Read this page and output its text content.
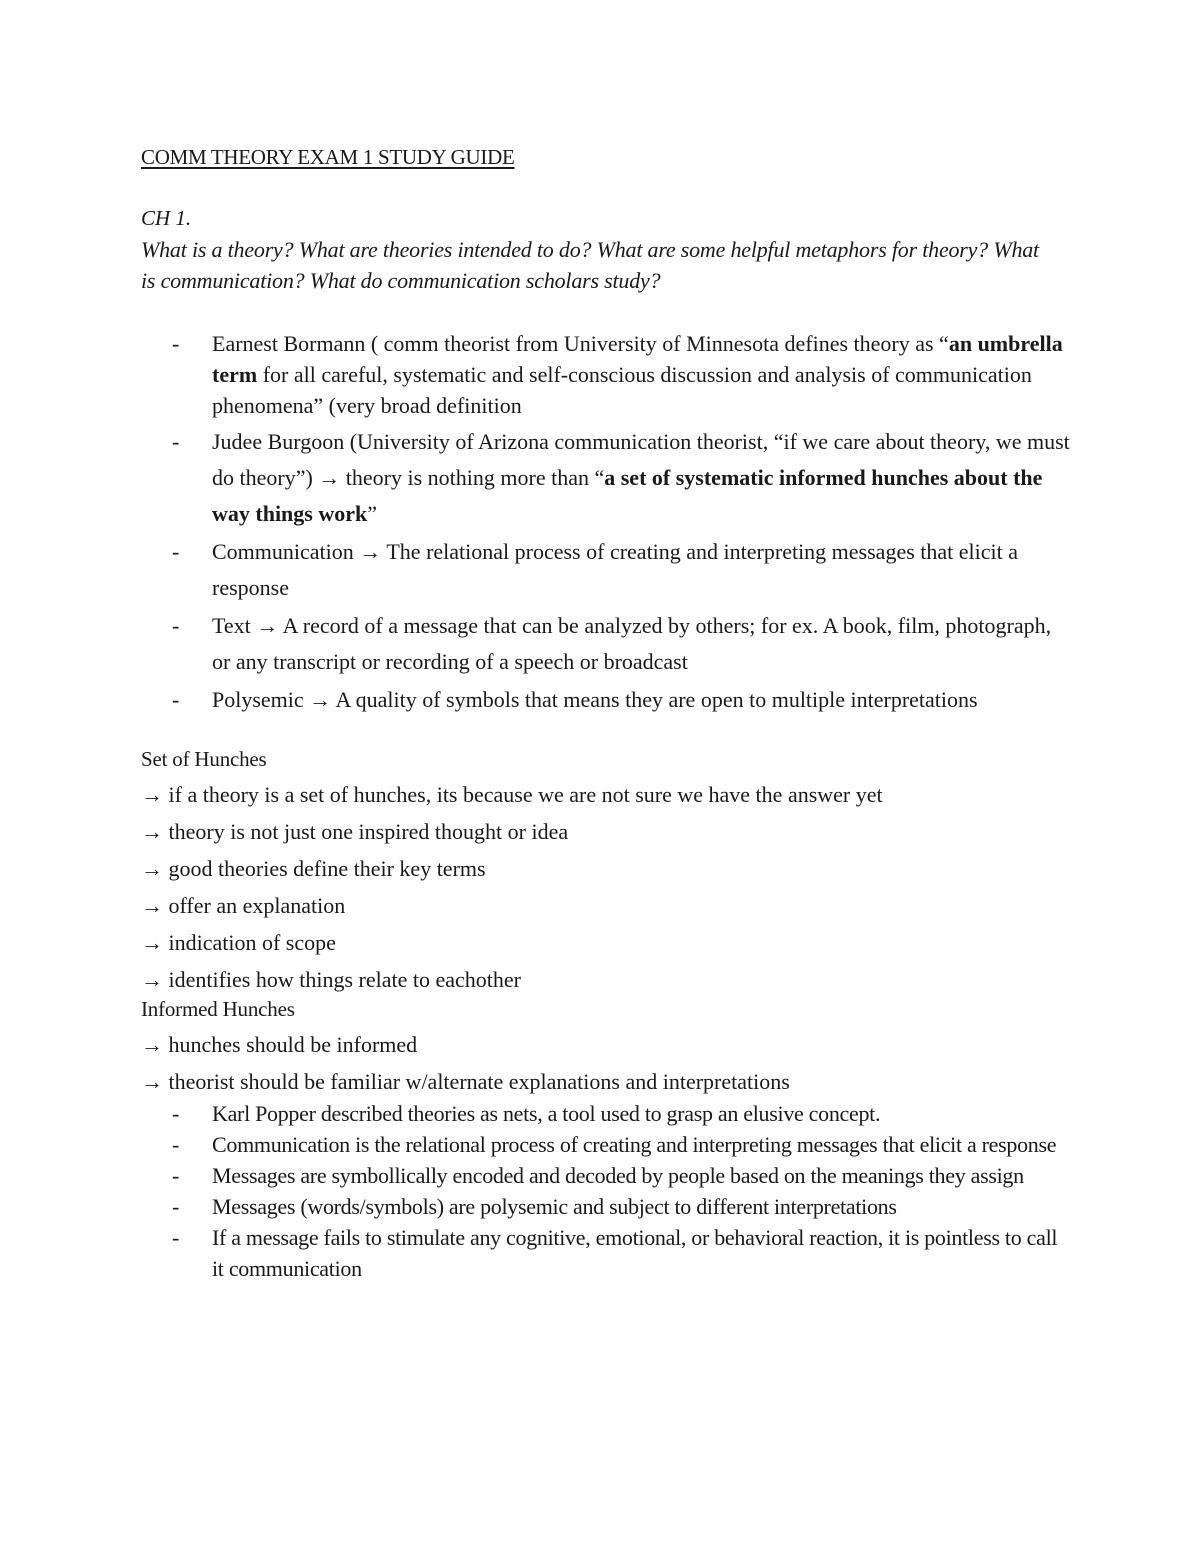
COMM THEORY EXAM 1 STUDY GUIDE
CH 1.

What is a theory? What are theories intended to do? What are some helpful metaphors for theory? What is communication? What do communication scholars study?

- Earnest Bormann ( comm theorist from University of Minnesota defines theory as “an umbrella term for all careful, systematic and self-conscious discussion and analysis of communication phenomena” (very broad definition
- Judee Burgoon (University of Arizona communication theorist, “if we care about theory, we must do theory”) → theory is nothing more than “a set of systematic informed hunches about the way things work”
- Communication → The relational process of creating and interpreting messages that elicit a response
- Text → A record of a message that can be analyzed by others; for ex. A book, film, photograph, or any transcript or recording of a speech or broadcast
- Polysemic → A quality of symbols that means they are open to multiple interpretations
Set of Hunches
→ if a theory is a set of hunches, its because we are not sure we have the answer yet
→ theory is not just one inspired thought or idea
→ good theories define their key terms
→ offer an explanation
→ indication of scope
→ identifies how things relate to eachother
Informed Hunches
→ hunches should be informed
→ theorist should be familiar w/alternate explanations and interpretations
- Karl Popper described theories as nets, a tool used to grasp an elusive concept.
- Communication is the relational process of creating and interpreting messages that elicit a response
- Messages are symbollically encoded and decoded by people based on the meanings they assign
- Messages (words/symbols) are polysemic and subject to different interpretations
- If a message fails to stimulate any cognitive, emotional, or behavioral reaction, it is pointless to call it communication
